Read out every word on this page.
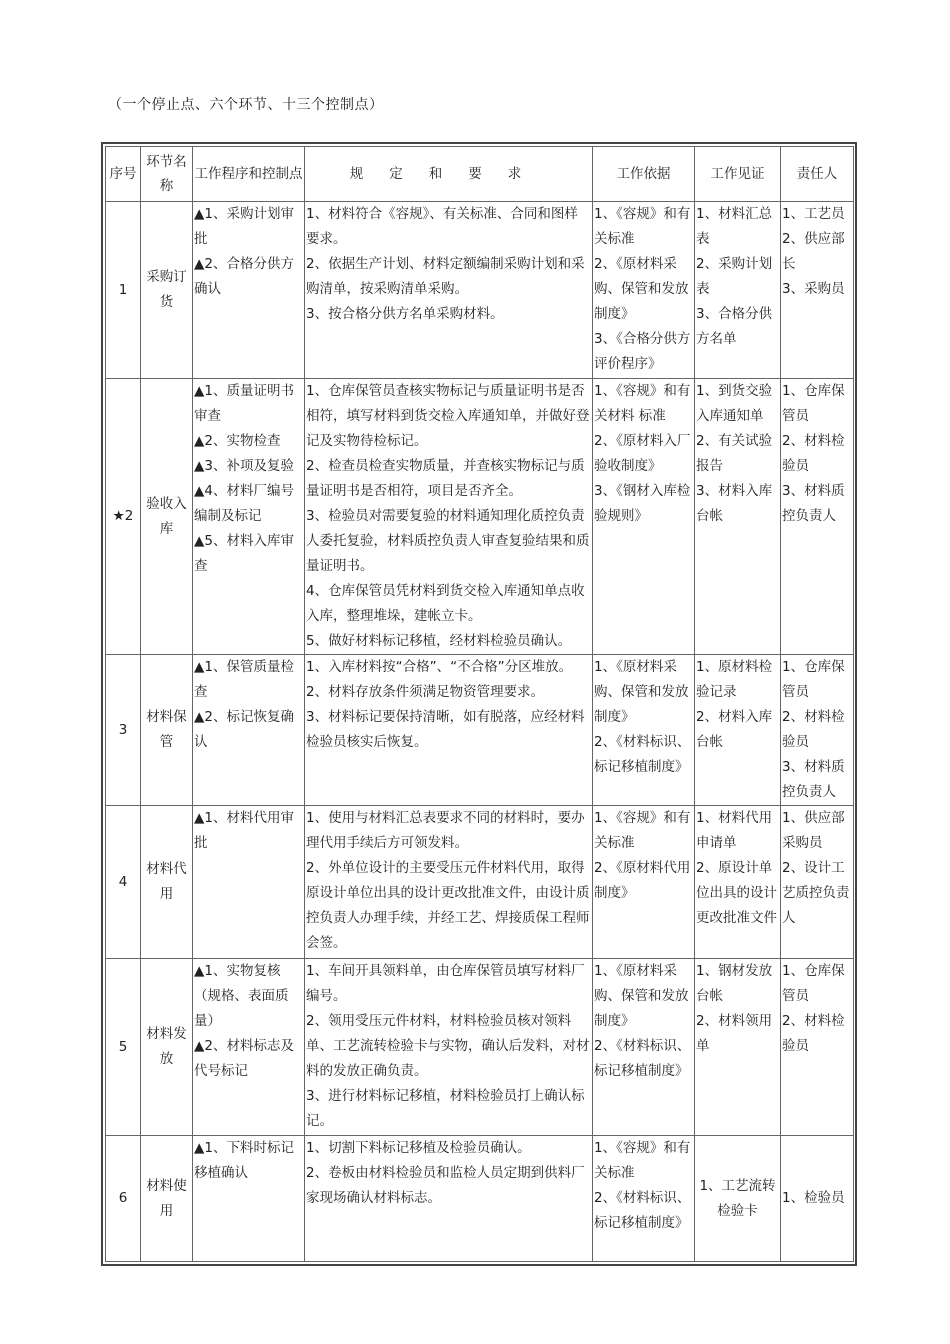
（一个停止点、六个环节、十三个控制点）
序号	环节名称	工作程序和控制点	规定和要求	工作依据	工作见证	责任人
1	采购订货	▲1、采购计划审批
▲2、合格分供方确认	1、材料符合《容规》、有关标准、合同和图样要求。
2、依据生产计划、材料定额编制采购计划和采购清单，按采购清单采购。
3、按合格分供方名单采购材料。	1、《容规》和有关标准
2、《原材料采购、保管和发放制度》
3、《合格分供方评价程序》	1、材料汇总表
2、采购计划表
3、合格分供方名单	1、工艺员
2、供应部长
3、采购员

★2	验收入库	▲1、质量证明书审查
▲2、实物检查
▲3、补项及复验
▲4、材料厂编号编制及标记
▲5、材料入库审查	1、仓库保管员查核实物标记与质量证明书是否相符，填写材料到货交检入库通知单，并做好登记及实物待检标记。
2、检查员检查实物质量，并查核实物标记与质量证明书是否相符，项目是否齐全。
3、检验员对需要复验的材料通知理化质控负责人委托复验，材料质控负责人审查复验结果和质量证明书。
4、仓库保管员凭材料到货交检入库通知单点收入库，整理堆垛，建帐立卡。
5、做好材料标记移植，经材料检验员确认。	1、《容规》和有关材料 标准
2、《原材料入厂验收制度》
3、《钢材入库检验规则》	1、到货交验入库通知单
2、有关试验报告
3、材料入库台帐	1、仓库保管员
2、材料检验员
3、材料质控负责人

3	材料保管	▲1、保管质量检查
▲2、标记恢复确认	1、入库材料按“合格”、“不合格”分区堆放。
2、材料存放条件须满足物资管理要求。
3、材料标记要保持清晰，如有脱落，应经材料检验员核实后恢复。	1、《原材料采购、保管和发放制度》
2、《材料标识、标记移植制度》	1、原材料检验记录
2、材料入库台帐	1、仓库保管员
2、材料检验员
3、材料质控负责人

4	材料代用	▲1、材料代用审批	1、使用与材料汇总表要求不同的材料时，要办理代用手续后方可领发料。
2、外单位设计的主要受压元件材料代用，取得原设计单位出具的设计更改批准文件，由设计质控负责人办理手续，并经工艺、焊接质保工程师会签。	1、《容规》和有关标准
2、《原材料代用制度》	1、材料代用申请单
2、原设计单位出具的设计更改批准文件	1、供应部采购员
2、设计工艺质控负责人

5	材料发放	▲1、实物复核（规格、表面质量）
▲2、材料标志及代号标记	1、车间开具领料单，由仓库保管员填写材料厂编号。
2、领用受压元件材料，材料检验员核对领料单、工艺流转检验卡与实物，确认后发料，对材料的发放正确负责。
3、进行材料标记移植，材料检验员打上确认标记。	1、《原材料采购、保管和发放制度》
2、《材料标识、标记移植制度》	1、钢材发放台帐
2、材料领用单	1、仓库保管员
2、材料检验员

6	材料使用	▲1、下料时标记移植确认	1、切割下料标记移植及检验员确认。
2、卷板由材料检验员和监检人员定期到供料厂家现场确认材料标志。	1、《容规》和有关标准
2、《材料标识、标记移植制度》	1、工艺流转检验卡	1、检验员
